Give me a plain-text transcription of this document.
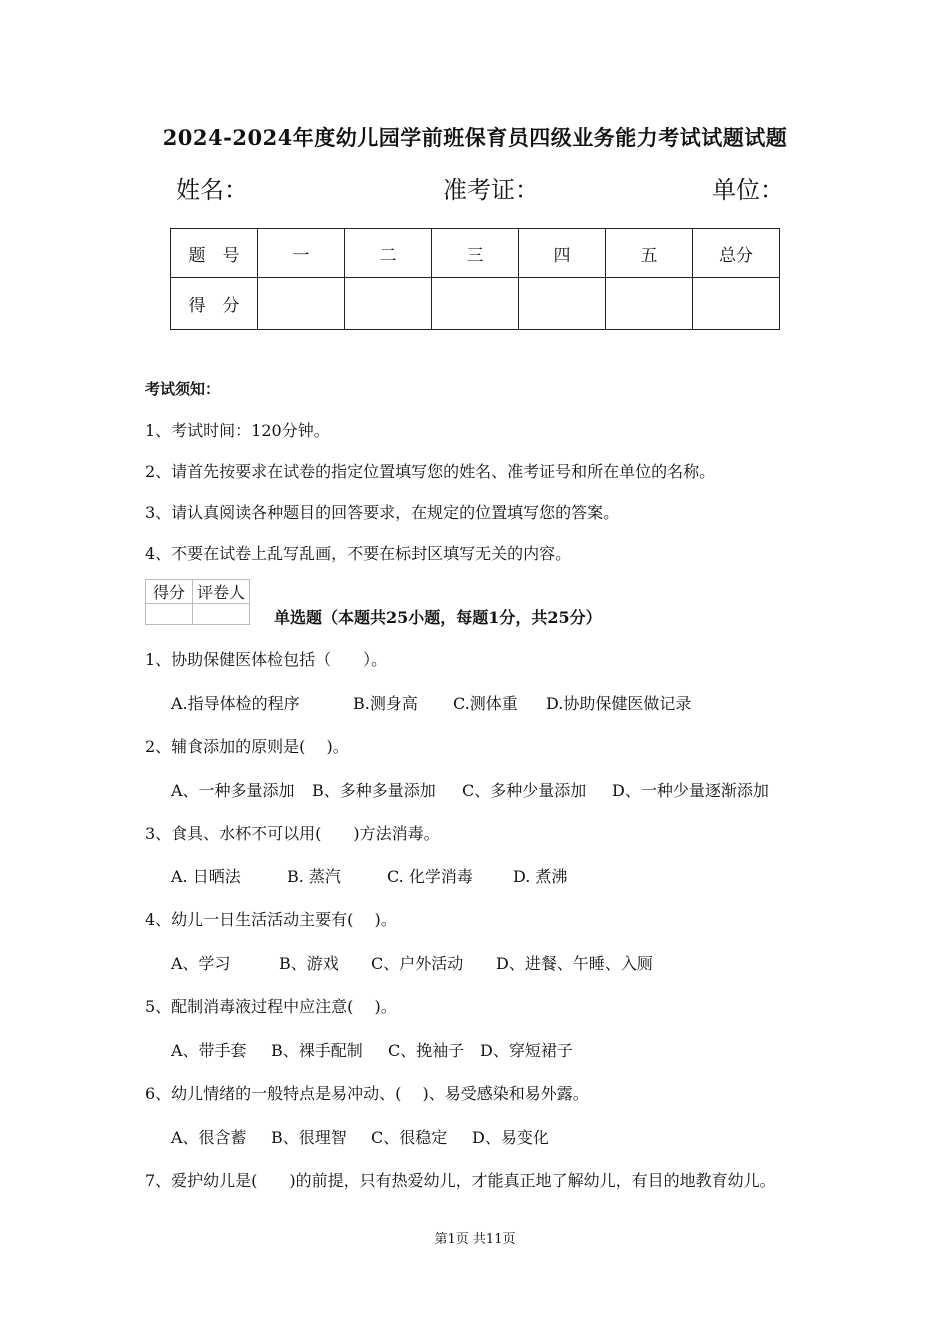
2024-2024年度幼儿园学前班保育员四级业务能力考试试题试题
姓名：	准考证：	单位：
题　号	一	二	三	四	五	总分
得　分						
考试须知：
1、考试时间：120分钟。
2、请首先按要求在试卷的指定位置填写您的姓名、准考证号和所在单位的名称。
3、请认真阅读各种题目的回答要求，在规定的位置填写您的答案。
4、不要在试卷上乱写乱画，不要在标封区填写无关的内容。
得分	评卷人

单选题（本题共25小题，每题1分，共25分）
1、协助保健医体检包括（　　）。
A.指导体检的程序	B.测身高 C.测体重 D.协助保健医做记录
2、辅食添加的原则是(　 )。
A、一种多量添加 B、多种多量添加 C、多种少量添加 D、一种少量逐渐添加
3、食具、水杯不可以用(　　)方法消毒。
A. 日晒法	B. 蒸汽	C. 化学消毒	D. 煮沸
4、幼儿一日生活活动主要有(　 )。
A、学习	B、游戏 C、户外活动 D、进餐、午睡、入厕
5、配制消毒液过程中应注意(　 )。
A、带手套 B、裸手配制 C、挽袖子 D、穿短裙子
6、幼儿情绪的一般特点是易冲动、(　 )、易受感染和易外露。
A、很含蓄 B、很理智 C、很稳定 D、易变化
7、爱护幼儿是(　　)的前提，只有热爱幼儿，才能真正地了解幼儿，有目的地教育幼儿。
第1页 共11页
